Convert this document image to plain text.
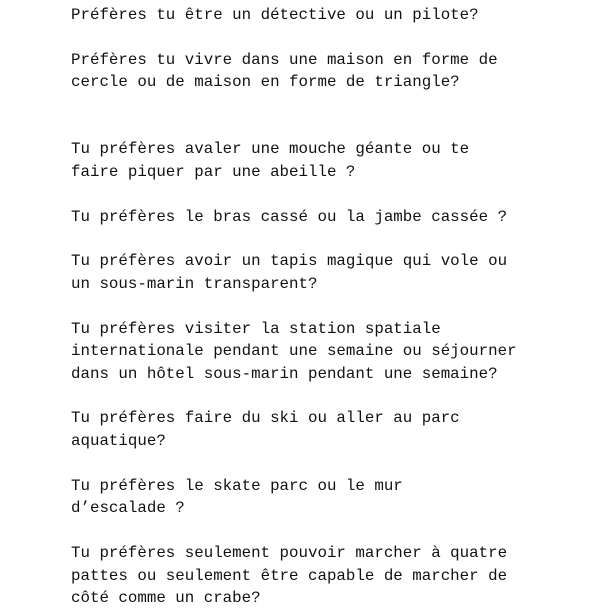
Préfères tu être un détective ou un pilote?

Préfères tu vivre dans une maison en forme de
cercle ou de maison en forme de triangle?

Tu préfères avaler une mouche géante ou te
faire piquer par une abeille ?

Tu préfères le bras cassé ou la jambe cassée ?

Tu préfères avoir un tapis magique qui vole ou
un sous-marin transparent?

Tu préfères visiter la station spatiale
internationale pendant une semaine ou séjourner
dans un hôtel sous-marin pendant une semaine?

Tu préfères faire du ski ou aller au parc
aquatique?

Tu préfères le skate parc ou le mur
d’escalade ?

Tu préfères seulement pouvoir marcher à quatre
pattes ou seulement être capable de marcher de
côté comme un crabe?
